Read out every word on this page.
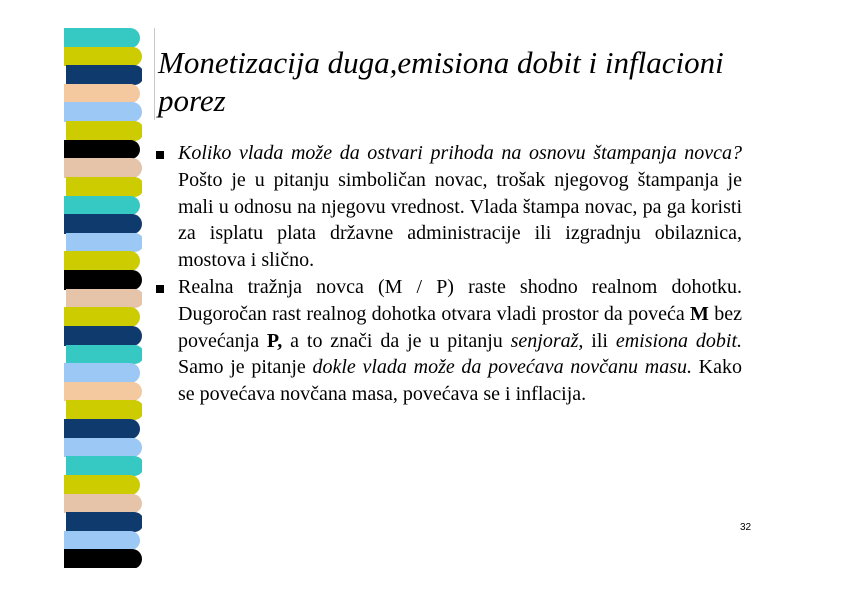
Monetizacija duga,emisiona dobit i inflacioni porez
Koliko vlada može da ostvari prihoda na osnovu štampanja novca? Pošto je u pitanju simboličan novac, trošak njegovog štampanja je mali u odnosu na njegovu vrednost. Vlada štampa novac, pa ga koristi za isplatu plata državne administracije ili izgradnju obilaznica, mostova i slično.
Realna tražnja novca (M / P) raste shodno realnom dohotku. Dugoročan rast realnog dohotka otvara vladi prostor da poveća M bez povećanja P, a to znači da je u pitanju senjoraž, ili emisiona dobit. Samo je pitanje dokle vlada može da povećava novčanu masu. Kako se povećava novčana masa, povećava se i inflacija.
32
